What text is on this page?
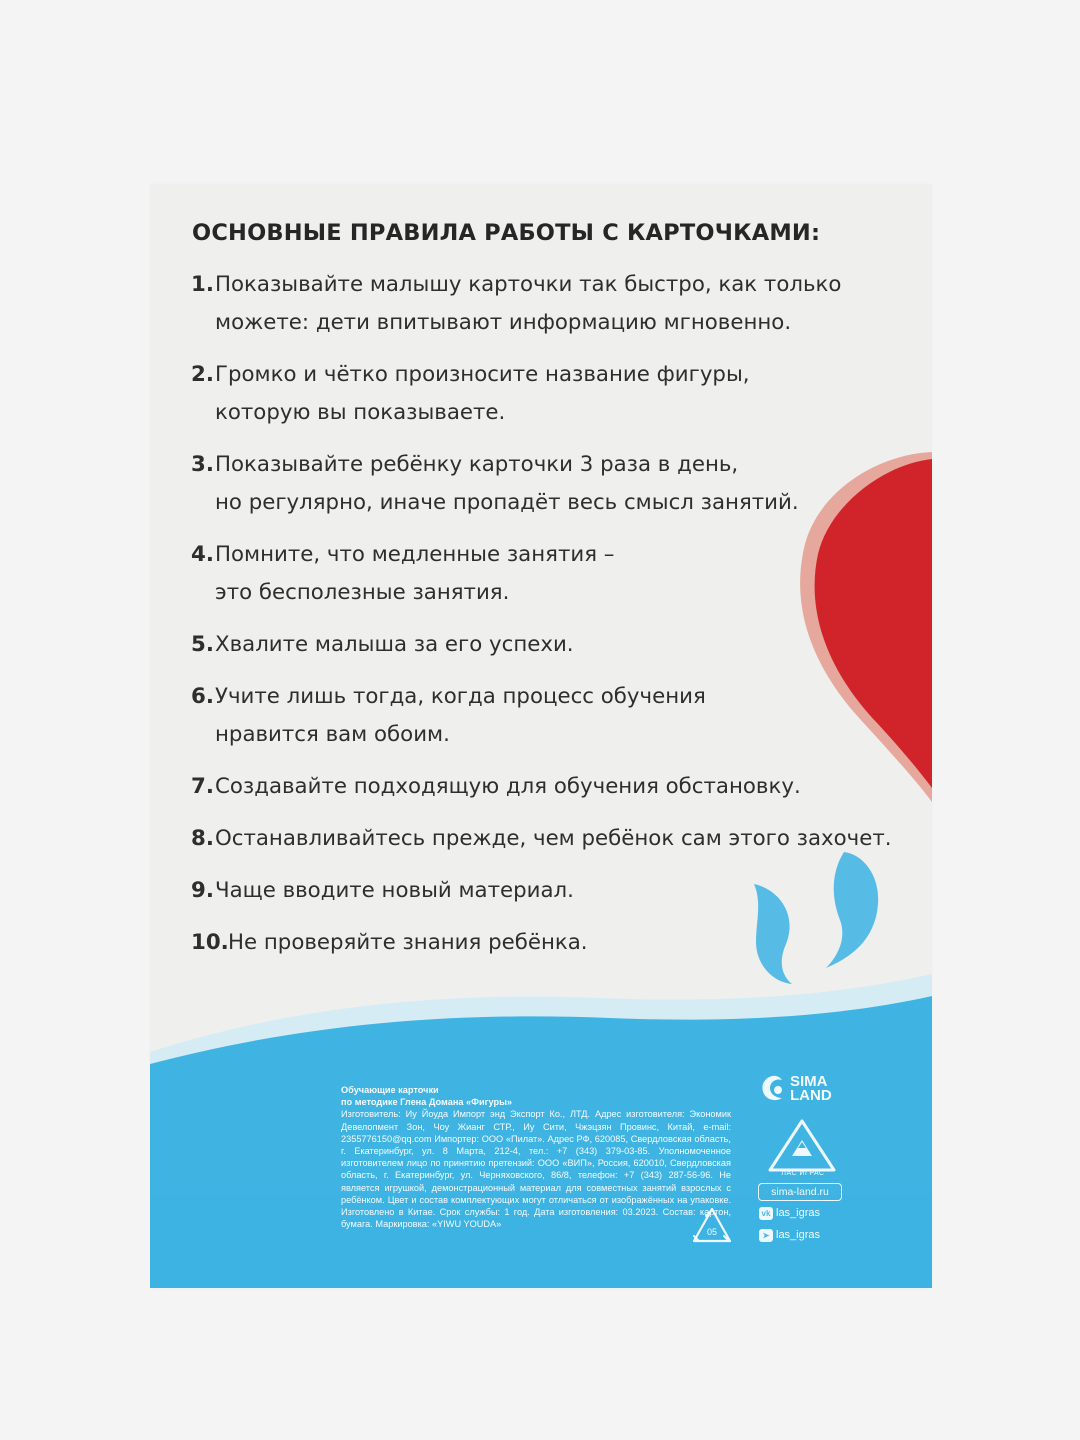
ОСНОВНЫЕ ПРАВИЛА РАБОТЫ С КАРТОЧКАМИ:
1. Показывайте малышу карточки так быстро, как только
можете: дети впитывают информацию мгновенно.
2. Громко и чётко произносите название фигуры,
которую вы показываете.
3. Показывайте ребёнку карточки 3 раза в день,
но регулярно, иначе пропадёт весь смысл занятий.
4. Помните, что медленные занятия –
это бесполезные занятия.
5. Хвалите малыша за его успехи.
6. Учите лишь тогда, когда процесс обучения
нравится вам обоим.
7. Создавайте подходящую для обучения обстановку.
8. Останавливайтесь прежде, чем ребёнок сам этого захочет.
9. Чаще вводите новый материал.
10. Не проверяйте знания ребёнка.
Обучающие карточки
по методике Глена Домана «Фигуры»

Изготовитель: Иу Йоуда Импорт энд Экспорт Ко., ЛТД. Адрес изготовителя: Экономик Девелопмент Зон, Чоу Жианг СТР., Иу Сити, Чжэцзян Провинс, Китай, e-mail: 2355776150@qq.com Импортер: ООО «Пилат». Адрес РФ, 620085, Свердловская область, г. Екатеринбург, ул. 8 Марта, 212-4, тел.: +7 (343) 379-03-85. Уполномоченное изготовителем лицо по принятию претензий: ООО «ВИП», Россия, 620010, Свердловская область, г. Екатеринбург, ул. Черняховского, 86/8, телефон: +7 (343) 287-56-96. Не является игрушкой, демонстрационный материал для совместных занятий взрослых с ребёнком. Цвет и состав комплектующих могут отличаться от изображённых на упаковке. Изготовлено в Китае. Срок службы: 1 год. Дата изготовления: 03.2023. Состав: картон, бумага. Маркировка: «YIWU YOUDA»

05
SIMA
LAND
ЛАС ИГРАС
sima-land.ru
vk las_igras
➤ las_igras
